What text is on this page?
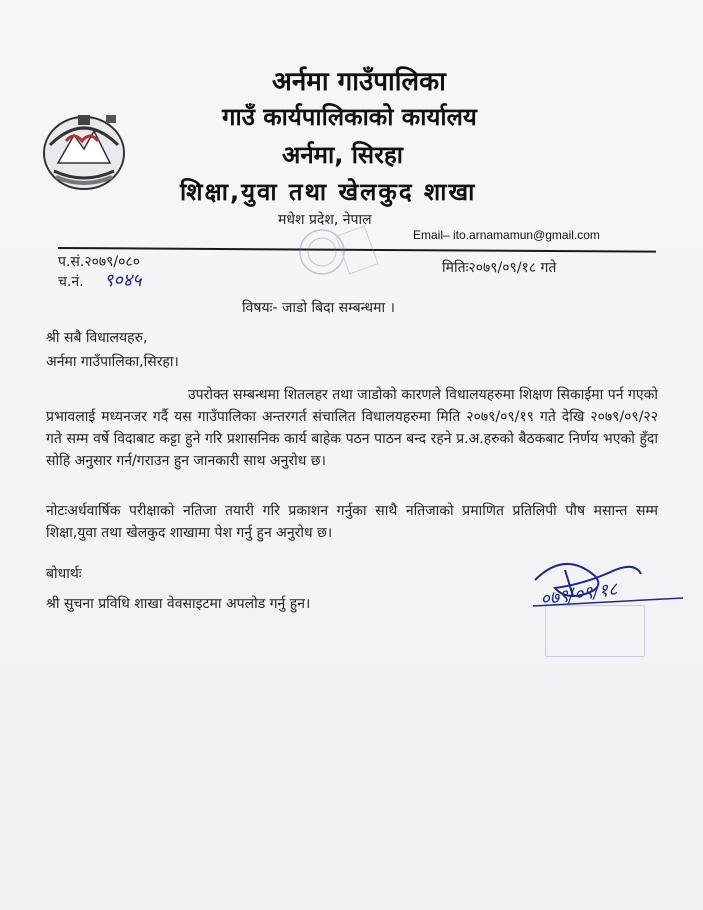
अर्नमा गाउँपालिका
गाउँ कार्यपालिकाको कार्यालय
अर्नमा, सिरहा
शिक्षा,युवा तथा खेलकुद शाखा
मधेश प्रदेश, नेपाल
Email– ito.arnamamun@gmail.com
प.सं.२०७९/०८०
च.नं. ९०४५
मितिः२०७९/०९/१८ गते
विषयः- जाडो बिदा सम्बन्धमा ।
श्री सबै विधालयहरु,
अर्नमा गाउँपालिका,सिरहा।
उपरोक्त सम्बन्धमा शितलहर तथा जाडोको कारणले विधालयहरुमा शिक्षण सिकाईमा पर्न गएको प्रभावलाई मध्यनजर गर्दै यस गाउँपालिका अन्तरगर्त संचालित विधालयहरुमा मिति २०७९/०९/१९ गते देखि २०७९/०९/२२ गते सम्म वर्षे विदाबाट कट्टा हुने गरि प्रशासनिक कार्य बाहेक पठन पाठन बन्द रहने प्र.अ.हरुको बैठकबाट निर्णय भएको हुँदा सोहि अनुसार गर्न/गराउन हुन जानकारी साथ अनुरोध छ।
नोटःअर्धवार्षिक परीक्षाको नतिजा तयारी गरि प्रकाशन गर्नुका साथै नतिजाको प्रमाणित प्रतिलिपी पौष मसान्त सम्म शिक्षा,युवा तथा खेलकुद शाखामा पेश गर्नु हुन अनुरोध छ।
बोधार्थः
श्री सुचना प्रविधि शाखा वेवसाइटमा अपलोड गर्नु हुन।	०७९/०९/१८
